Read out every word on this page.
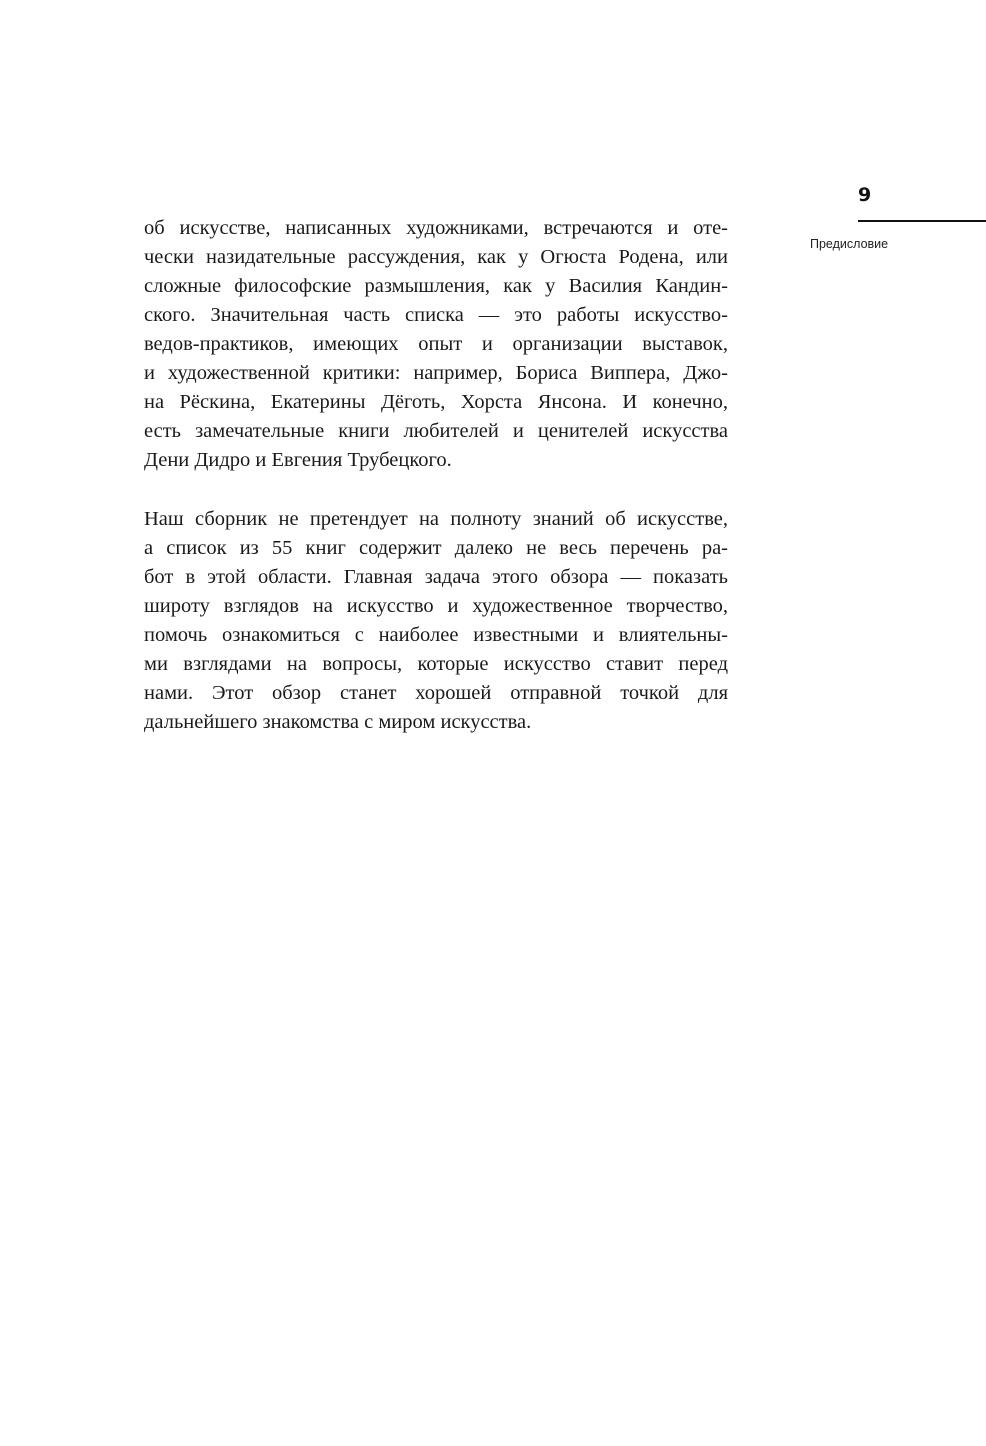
9
Предисловие
об искусстве, написанных художниками, встречаются и оте-
чески назидательные рассуждения, как у Огюста Родена, или
сложные философские размышления, как у Василия Кандин-
ского. Значительная часть списка — это работы искусство-
ведов-практиков, имеющих опыт и организации выставок,
и художественной критики: например, Бориса Виппера, Джо-
на Рёскина, Екатерины Дёготь, Хорста Янсона. И конечно,
есть замечательные книги любителей и ценителей искусства
Дени Дидро и Евгения Трубецкого.
Наш сборник не претендует на полноту знаний об искусстве,
а список из 55 книг содержит далеко не весь перечень ра-
бот в этой области. Главная задача этого обзора — показать
широту взглядов на искусство и художественное творчество,
помочь ознакомиться с наиболее известными и влиятельны-
ми взглядами на вопросы, которые искусство ставит перед
нами. Этот обзор станет хорошей отправной точкой для
дальнейшего знакомства с миром искусства.
